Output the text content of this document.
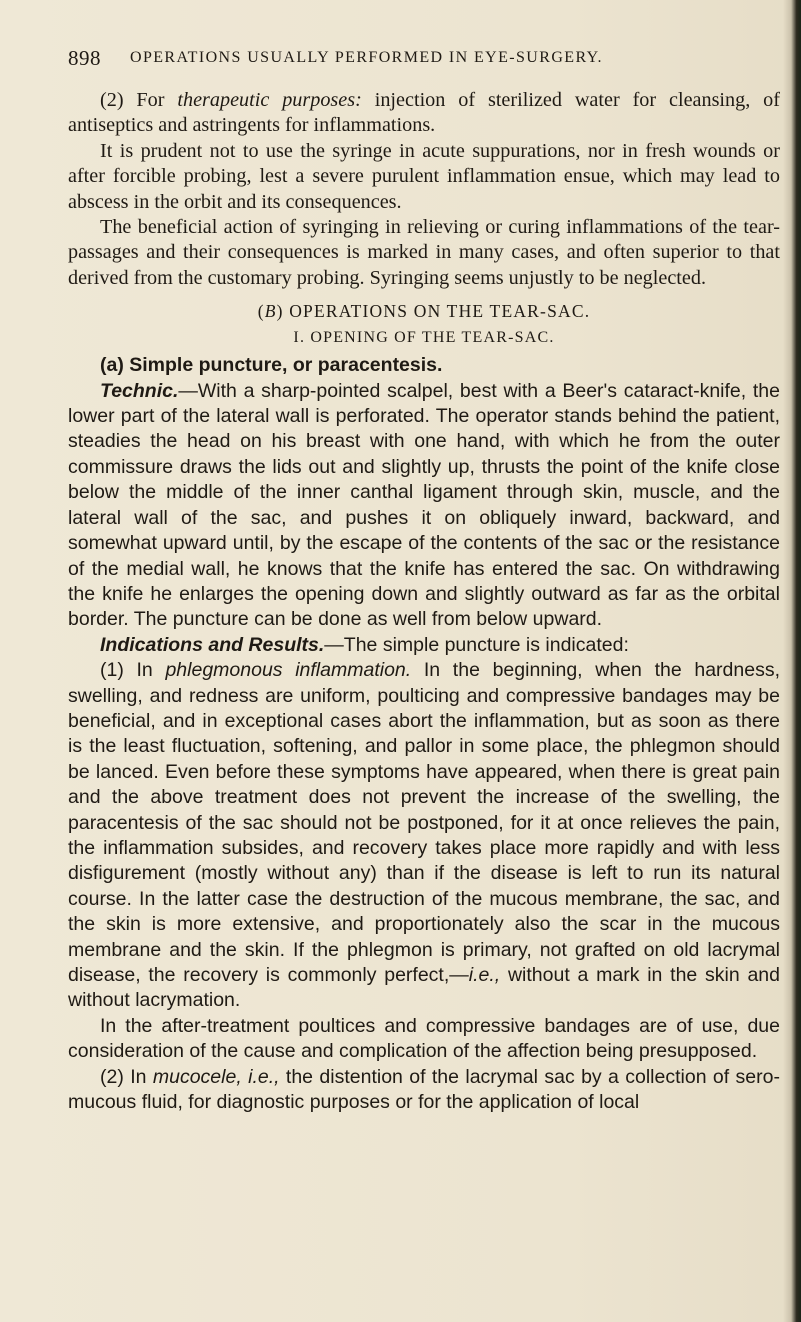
898 OPERATIONS USUALLY PERFORMED IN EYE-SURGERY.

(2) For therapeutic purposes: injection of sterilized water for cleansing, of antiseptics and astringents for inflammations.

It is prudent not to use the syringe in acute suppurations, nor in fresh wounds or after forcible probing, lest a severe purulent inflammation ensue, which may lead to abscess in the orbit and its consequences.

The beneficial action of syringing in relieving or curing inflammations of the tear-passages and their consequences is marked in many cases, and often superior to that derived from the customary probing. Syringing seems unjustly to be neglected.

(B) OPERATIONS ON THE TEAR-SAC.
I. OPENING OF THE TEAR-SAC.

(a) Simple puncture, or paracentesis.

Technic.—With a sharp-pointed scalpel, best with a Beer's cataract-knife, the lower part of the lateral wall is perforated. The operator stands behind the patient, steadies the head on his breast with one hand, with which he from the outer commissure draws the lids out and slightly up, thrusts the point of the knife close below the middle of the inner canthal ligament through skin, muscle, and the lateral wall of the sac, and pushes it on obliquely inward, backward, and somewhat upward until, by the escape of the contents of the sac or the resistance of the medial wall, he knows that the knife has entered the sac. On withdrawing the knife he enlarges the opening down and slightly outward as far as the orbital border. The puncture can be done as well from below upward.

Indications and Results.—The simple puncture is indicated:

(1) In phlegmonous inflammation. In the beginning, when the hardness, swelling, and redness are uniform, poulticing and compressive bandages may be beneficial, and in exceptional cases abort the inflammation, but as soon as there is the least fluctuation, softening, and pallor in some place, the phlegmon should be lanced. Even before these symptoms have appeared, when there is great pain and the above treatment does not prevent the increase of the swelling, the paracentesis of the sac should not be postponed, for it at once relieves the pain, the inflammation subsides, and recovery takes place more rapidly and with less disfigurement (mostly without any) than if the disease is left to run its natural course. In the latter case the destruction of the mucous membrane, the sac, and the skin is more extensive, and proportionately also the scar in the mucous membrane and the skin. If the phlegmon is primary, not grafted on old lacrymal disease, the recovery is commonly perfect,—i.e., without a mark in the skin and without lacrymation.

In the after-treatment poultices and compressive bandages are of use, due consideration of the cause and complication of the affection being presupposed.

(2) In mucocele, i.e., the distention of the lacrymal sac by a collection of sero-mucous fluid, for diagnostic purposes or for the application of local
